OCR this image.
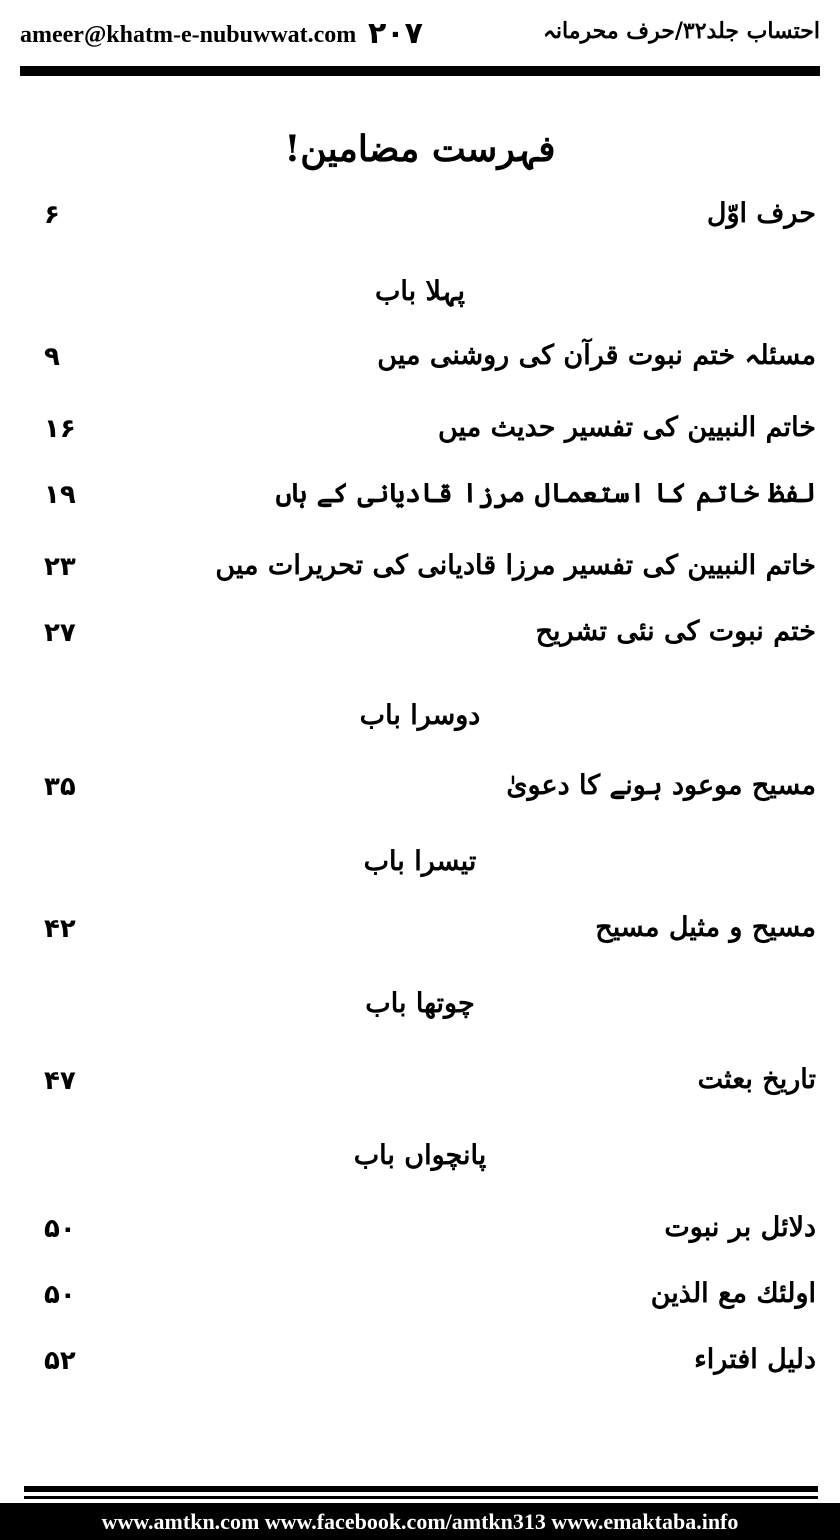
ameer@khatm-e-nubuwwat.com ۲۰۷	احتساب جلد۳۲/حرف محرمانہ
فہرست مضامین!
حرف اوّل
۶
پہلا باب
مسئلہ ختم نبوت قرآن کی روشنی میں
۹
خاتم النبیین کی تفسیر حدیث میں
۱۶
لفظ خاتم کا استعمال مرزا قادیانی کے ہاں
۱۹
خاتم النبیین کی تفسیر مرزا قادیانی کی تحریرات میں
۲۳
ختم نبوت کی نئی تشریح
۲۷
دوسرا باب
مسیح موعود ہونے کا دعویٰ
۳۵
تیسرا باب
مسیح و مثیل مسیح
۴۲
چوتھا باب
تاریخ بعثت
۴۷
پانچواں باب
دلائل بر نبوت
۵۰
اولئك مع الذين
۵۰
دلیل افتراء
۵۲
www.amtkn.com www.facebook.com/amtkn313 www.emaktaba.info
